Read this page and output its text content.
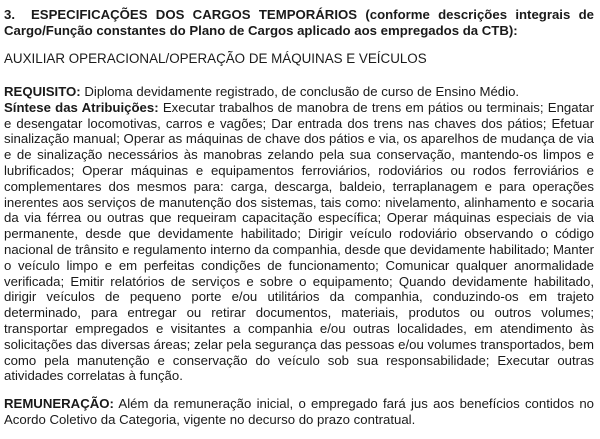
3. ESPECIFICAÇÕES DOS CARGOS TEMPORÁRIOS (conforme descrições integrais de Cargo/Função constantes do Plano de Cargos aplicado aos empregados da CTB):

AUXILIAR OPERACIONAL/OPERAÇÃO DE MÁQUINAS E VEÍCULOS

REQUISITO: Diploma devidamente registrado, de conclusão de curso de Ensino Médio.
Síntese das Atribuições: Executar trabalhos de manobra de trens em pátios ou terminais; Engatar e desengatar locomotivas, carros e vagões; Dar entrada dos trens nas chaves dos pátios; Efetuar sinalização manual; Operar as máquinas de chave dos pátios e via, os aparelhos de mudança de via e de sinalização necessários às manobras zelando pela sua conservação, mantendo-os limpos e lubrificados; Operar máquinas e equipamentos ferroviários, rodoviários ou rodos ferroviários e complementares dos mesmos para: carga, descarga, baldeio, terraplanagem e para operações inerentes aos serviços de manutenção dos sistemas, tais como: nivelamento, alinhamento e socaria da via férrea ou outras que requeiram capacitação específica; Operar máquinas especiais de via permanente, desde que devidamente habilitado; Dirigir veículo rodoviário observando o código nacional de trânsito e regulamento interno da companhia, desde que devidamente habilitado; Manter o veículo limpo e em perfeitas condições de funcionamento; Comunicar qualquer anormalidade verificada; Emitir relatórios de serviços e sobre o equipamento; Quando devidamente habilitado, dirigir veículos de pequeno porte e/ou utilitários da companhia, conduzindo-os em trajeto determinado, para entregar ou retirar documentos, materiais, produtos ou outros volumes; transportar empregados e visitantes a companhia e/ou outras localidades, em atendimento às solicitações das diversas áreas; zelar pela segurança das pessoas e/ou volumes transportados, bem como pela manutenção e conservação do veículo sob sua responsabilidade; Executar outras atividades correlatas à função.

REMUNERAÇÃO: Além da remuneração inicial, o empregado fará jus aos benefícios contidos no Acordo Coletivo da Categoria, vigente no decurso do prazo contratual.
